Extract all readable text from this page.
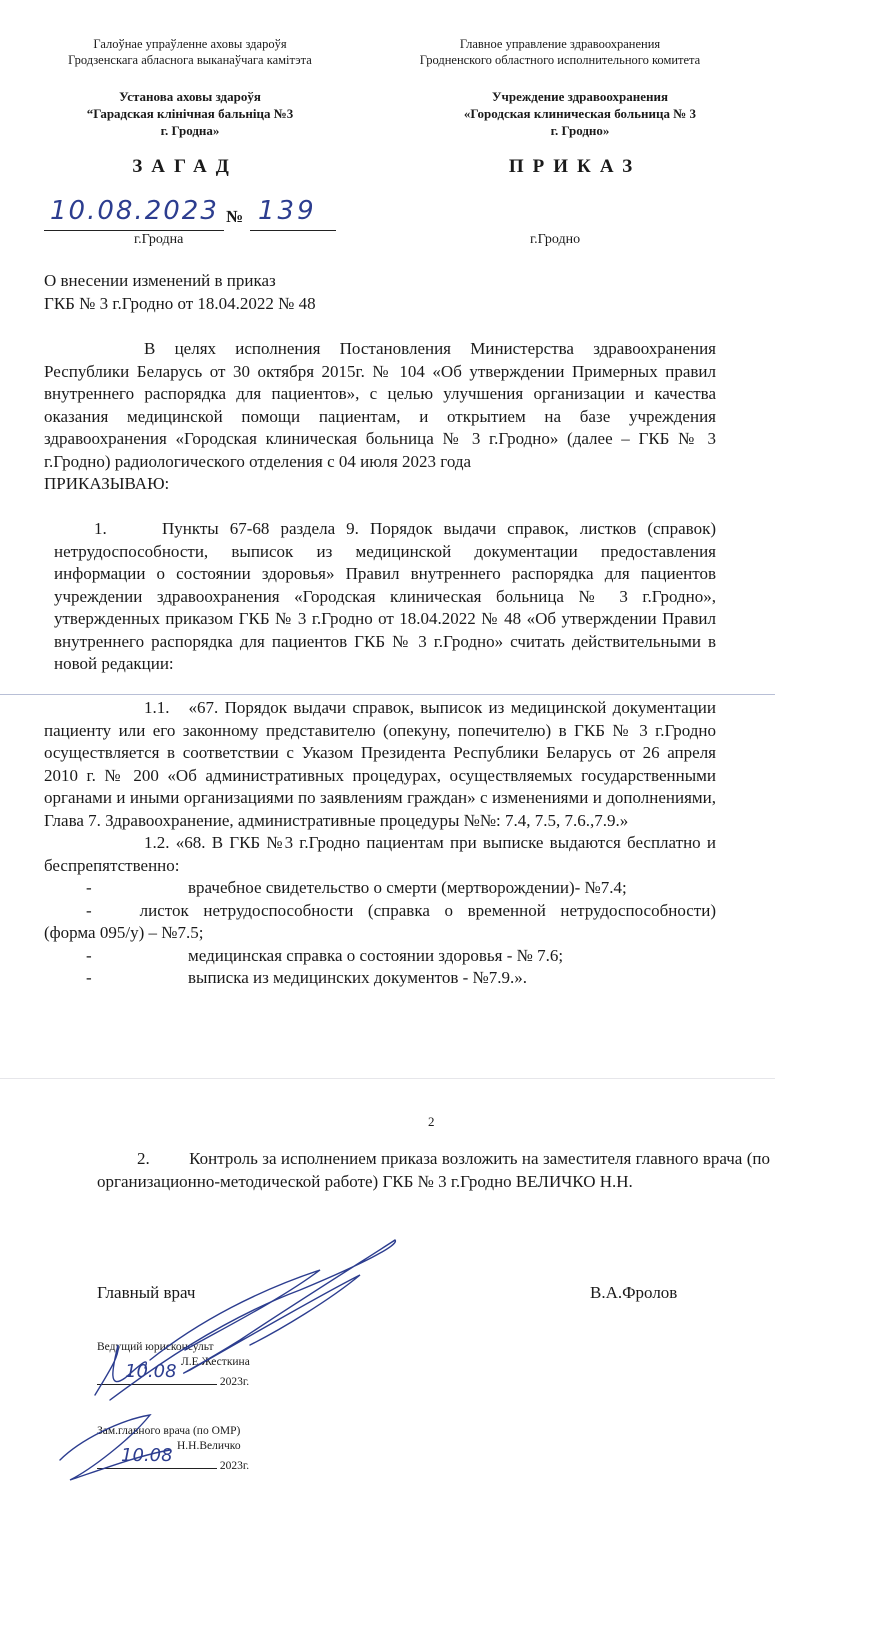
Галоўнае упраўленне аховы здароўя
Гродзенскага абласнога выканаўчага камітэта
Главное управление здравоохранения
Гродненского областного исполнительного комитета
Установа аховы здароўя
“Гарадская клінічная бальніца №3
г. Гродна»
Учреждение здравоохранения
«Городская клиническая больница № 3
г. Гродно»
ЗАГАД	ПРИКАЗ
10.08.2023 № 139
г.Гродна	г.Гродно

О внесении изменений в приказ

ГКБ № 3 г.Гродно от 18.04.2022 № 48

В целях исполнения Постановления Министерства здравоохранения Республики Беларусь от 30 октября 2015г. № 104 «Об утверждении Примерных правил внутреннего распорядка для пациентов», с целью улучшения организации и качества оказания медицинской помощи пациентам, и открытием на базе учреждения здравоохранения «Городская клиническая больница № 3 г.Гродно» (далее – ГКБ № 3 г.Гродно) радиологического отделения с 04 июля 2023 года

ПРИКАЗЫВАЮ:

1.     Пункты 67-68 раздела 9. Порядок выдачи справок, листков (справок) нетрудоспособности, выписок из медицинской документации предоставления информации о состоянии здоровья» Правил внутреннего распорядка для пациентов учреждении здравоохранения «Городская клиническая больница № 3 г.Гродно», утвержденных приказом ГКБ № 3 г.Гродно от 18.04.2022 № 48 «Об утверждении Правил внутреннего распорядка для пациентов ГКБ № 3 г.Гродно» считать действительными в новой редакции:

1.1.   «67. Порядок выдачи справок, выписок из медицинской документации пациенту или его законному представителю (опекуну, попечителю) в ГКБ № 3 г.Гродно осуществляется в соответствии с Указом Президента Республики Беларусь от 26 апреля 2010 г. № 200 «Об административных процедурах, осуществляемых государственными органами и иными организациями по заявлениям граждан» с изменениями и дополнениями, Глава 7. Здравоохранение, административные процедуры №№: 7.4, 7.5, 7.6.,7.9.»

1.2. «68. В ГКБ №3 г.Гродно пациентам при выписке выдаются бесплатно и беспрепятственно:

-	врачебное свидетельство о смерти (мертворождении)- №7.4;

-	листок нетрудоспособности (справка о временной нетрудоспособности) (форма 095/у) – №7.5;

-	медицинская справка о состоянии здоровья - № 7.6;
-	выписка из медицинских документов - №7.9.».
2

2.         Контроль за исполнением приказа возложить на заместителя главного врача (по организационно-методической работе) ГКБ № 3 г.Гродно ВЕЛИЧКО Н.Н.

Главный врач	В.А.Фролов
Ведущий юрисконсульт
Л.Е.Жесткина
10.08	2023г.
Зам.главного врача (по ОМР)
Н.Н.Величко
10.08	2023г.
